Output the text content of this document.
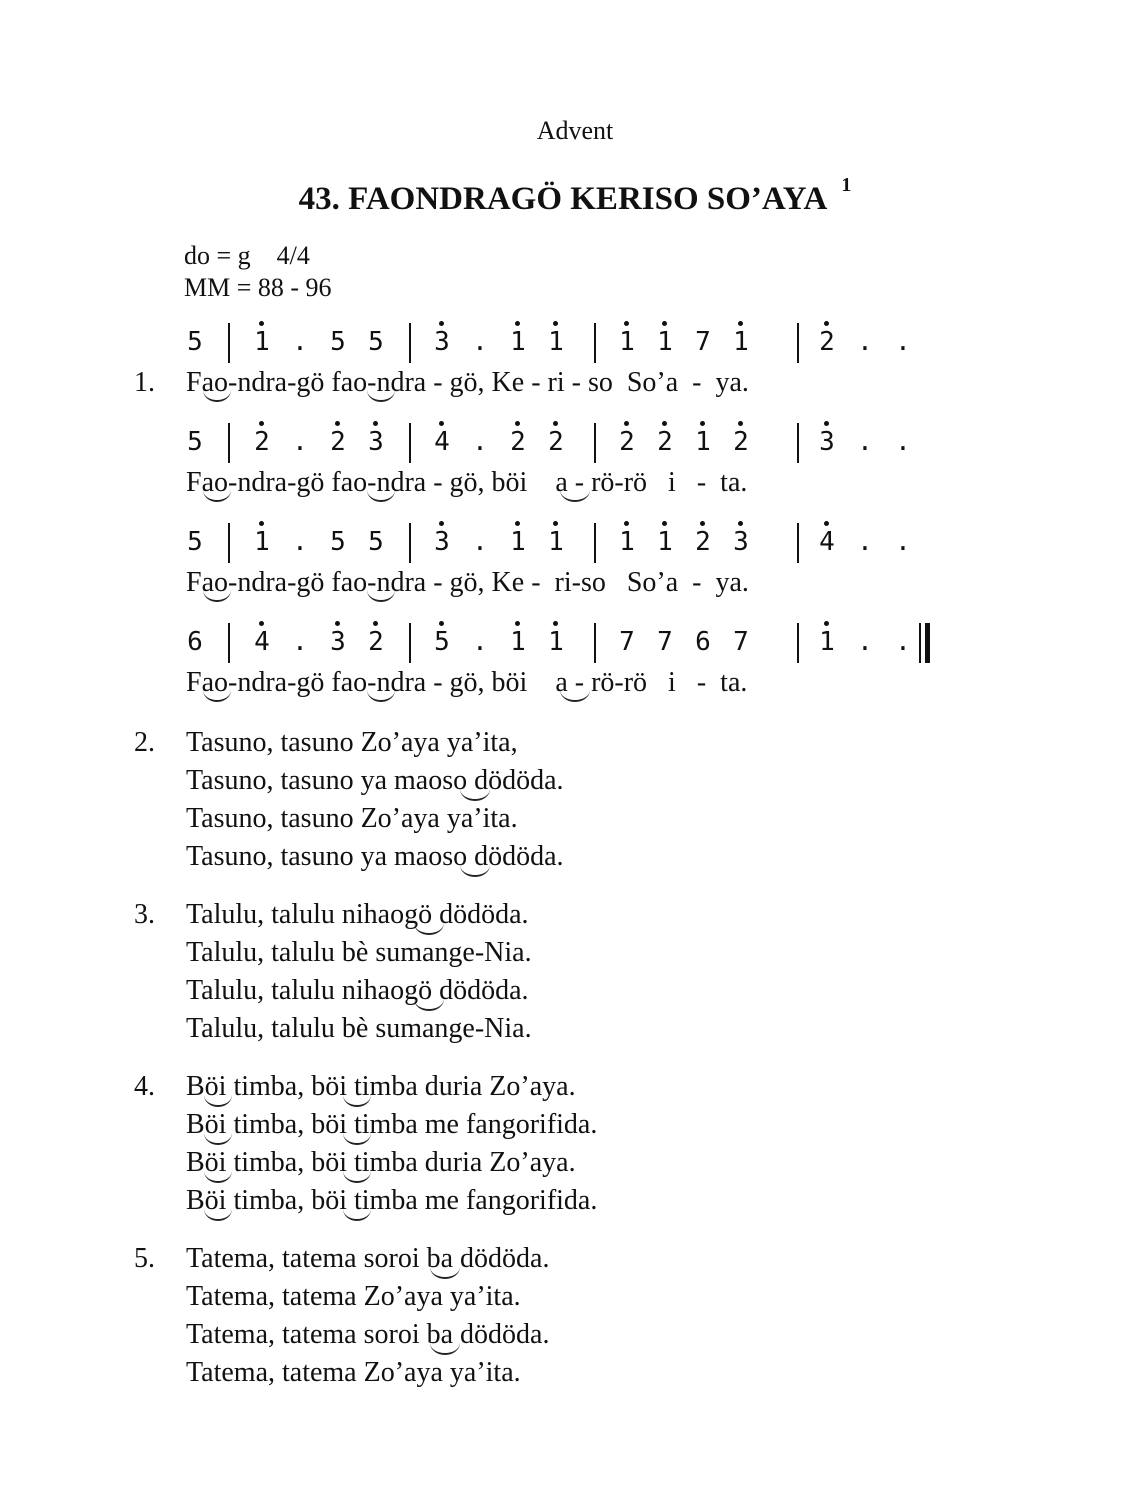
Advent
43. FAONDRAGÖ KERISO SO’AYA $^1$
do = g 4/4
MM = 88 - 96
5 1 . 5 5 3 . 1 1 1 1 7 1	2 . .
5 2 . 2 3 4 . 2 2 2 2 1 2	3 . .
5 1 . 5 5 3 . 1 1 1 1 2 3	4 . .
6 4 . 3 2 5 . 1 1 7 7 6 7	1 . .
1. Fao-ndra-gö fao-ndra - gö, Ke - ri - so  So’a  -  ya.
Fao-ndra-gö fao-ndra - gö, böi    a - rö-rö   i   -  ta.
Fao-ndra-gö fao-ndra - gö, Ke -  ri-so   So’a  -  ya.
Fao-ndra-gö fao-ndra - gö, böi    a - rö-rö   i   -  ta.
2. Tasuno, tasuno Zo’aya ya’ita,
Tasuno, tasuno ya maoso dödöda.
Tasuno, tasuno Zo’aya ya’ita.
Tasuno, tasuno ya maoso dödöda.
3. Talulu, talulu nihaogö dödöda.
Talulu, talulu bè sumange-Nia.
Talulu, talulu nihaogö dödöda.
Talulu, talulu bè sumange-Nia.
4. Böi timba, böi timba duria Zo’aya.
Böi timba, böi timba me fangorifida.
Böi timba, böi timba duria Zo’aya.
Böi timba, böi timba me fangorifida.
5. Tatema, tatema soroi ba dödöda.
Tatema, tatema Zo’aya ya’ita.
Tatema, tatema soroi ba dödöda.
Tatema, tatema Zo’aya ya’ita.
